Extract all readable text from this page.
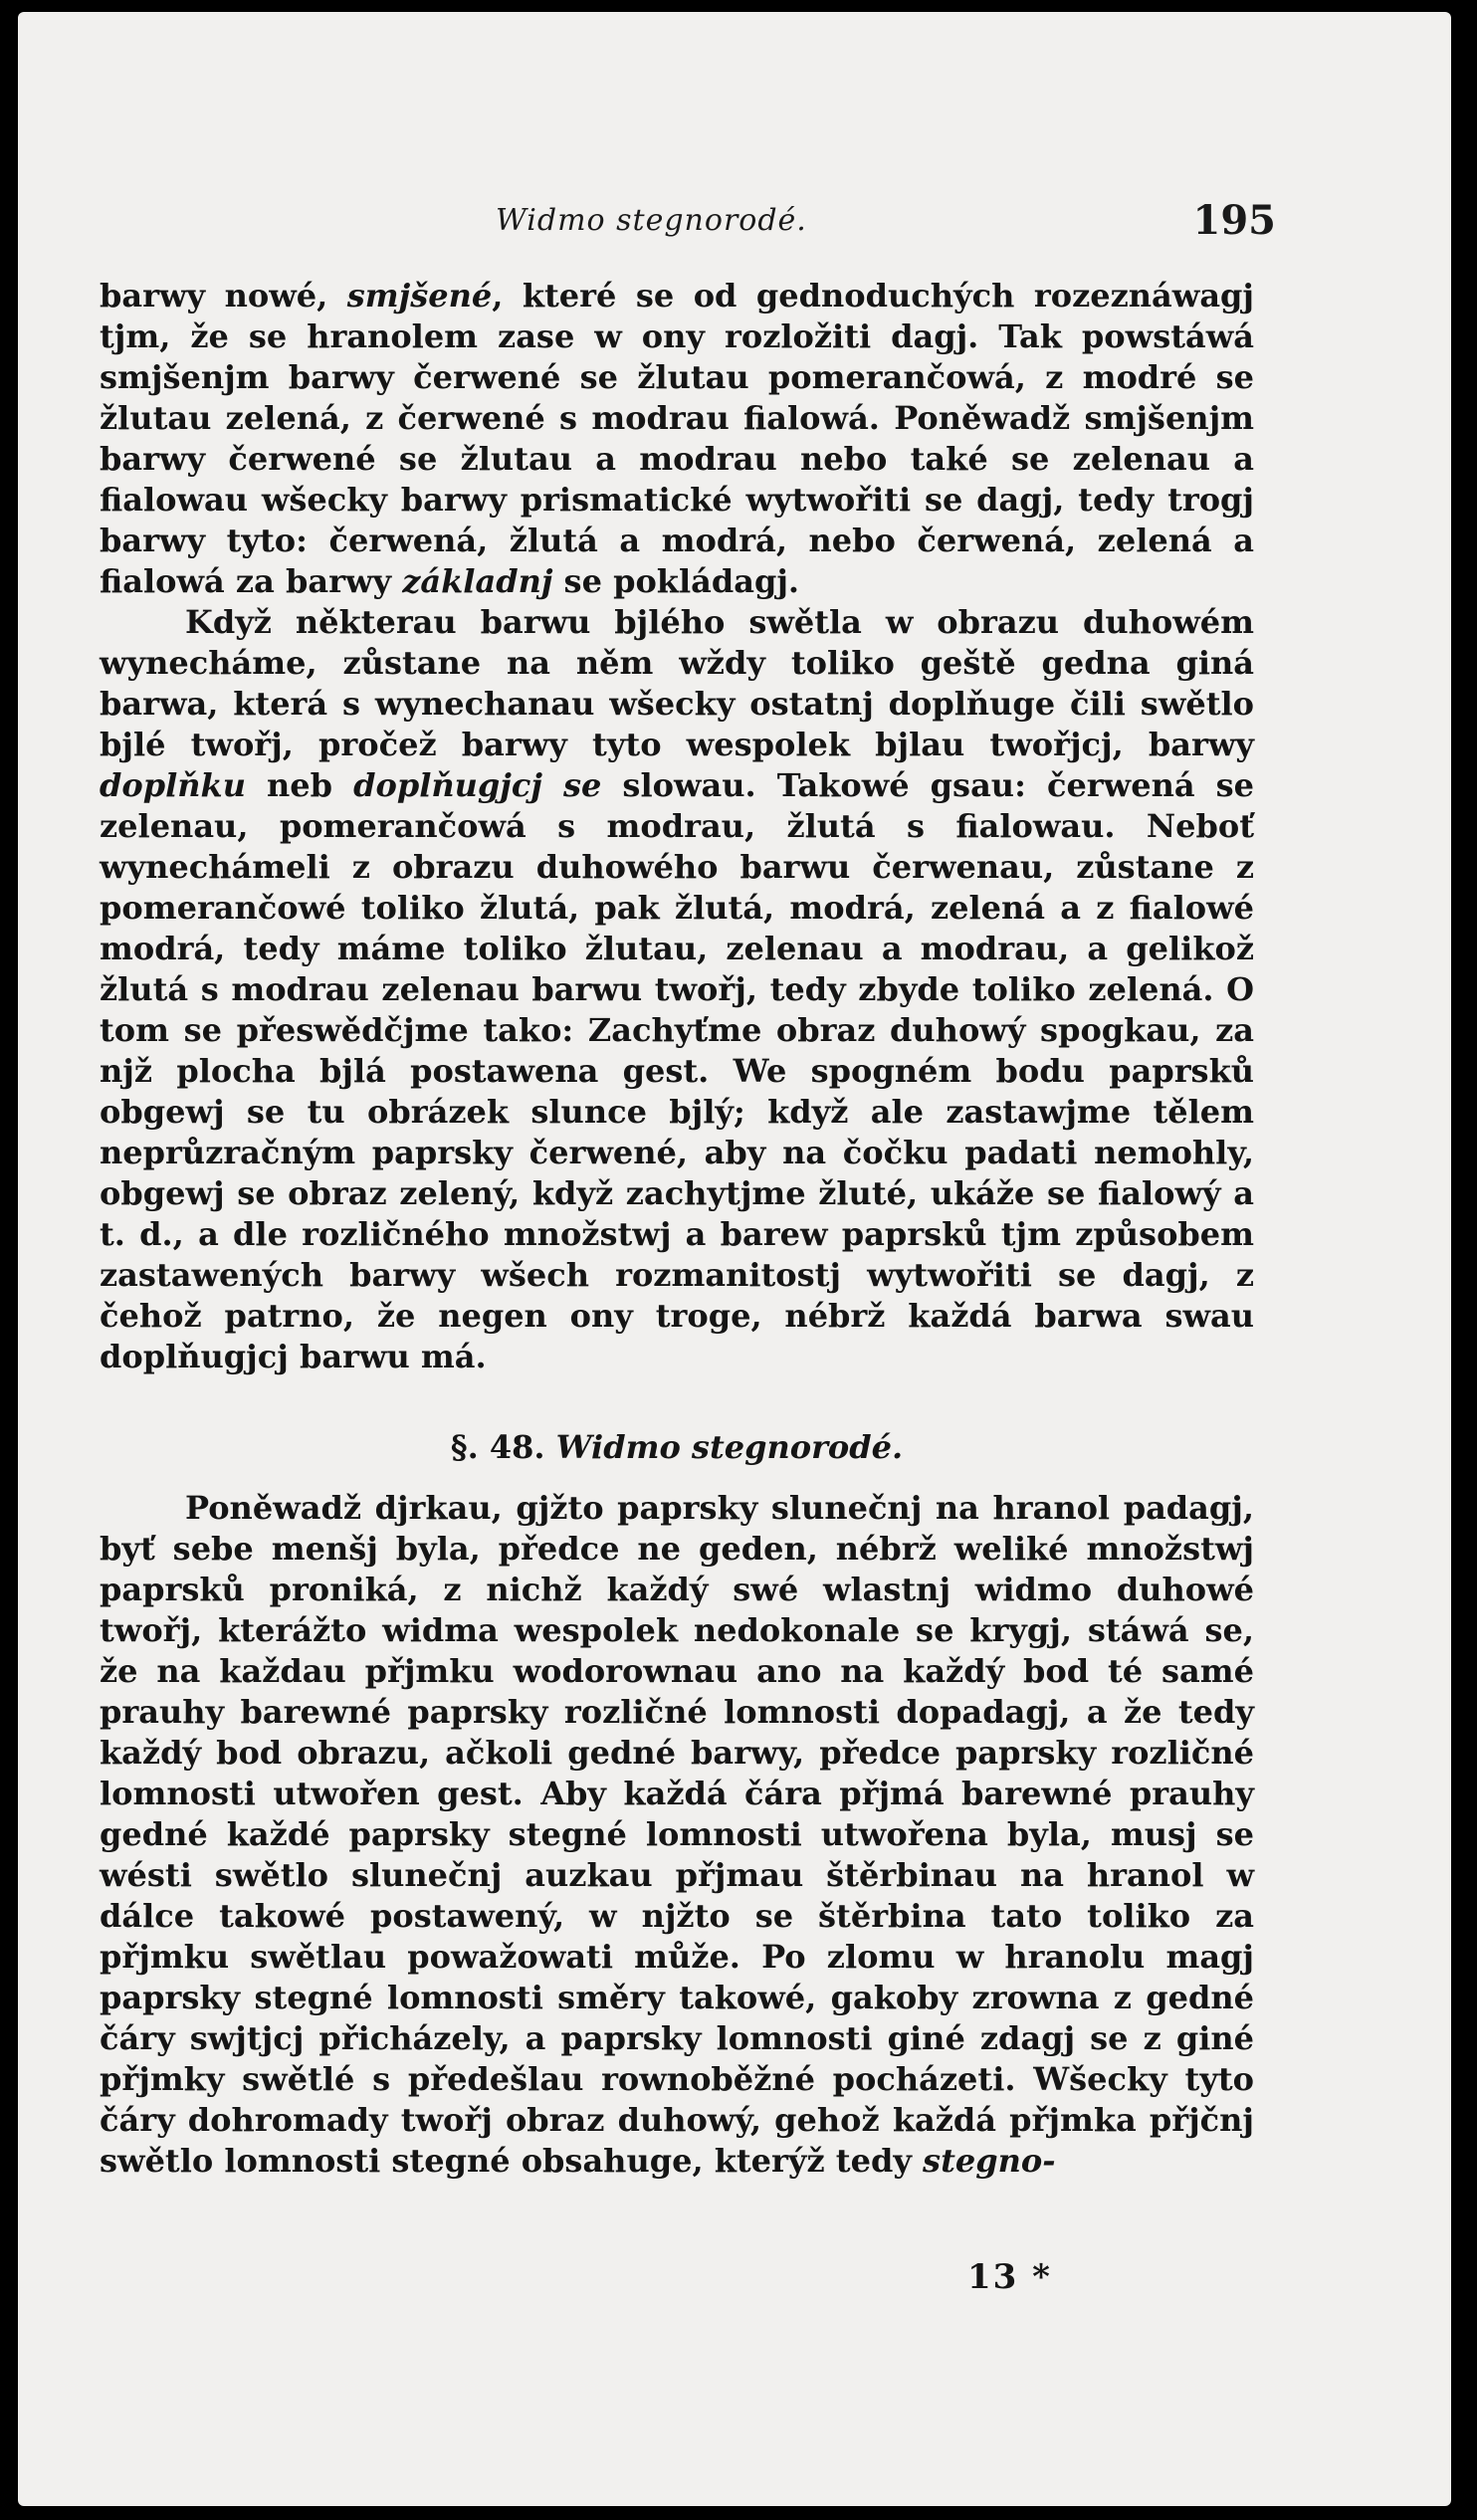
Widmo stegnorodé.	195

barwy nowé, smjšené, které se od gednoduchých rozeznáwagj tjm, že se hranolem zase w ony rozložiti dagj. Tak powstáwá smjšenjm barwy čerwené se žlutau pomerančowá, z modré se žlutau zelená, z čerwené s modrau fialowá. Poněwadž smjšenjm barwy čerwené se žlutau a modrau nebo také se zelenau a fialowau wšecky barwy prismatické wytwořiti se dagj, tedy trogj barwy tyto: čerwená, žlutá a modrá, nebo čerwená, zelená a fialowá za barwy základnj se pokládagj.

Když některau barwu bjlého swětla w obrazu duhowém wynecháme, zůstane na něm wždy toliko geště gedna giná barwa, která s wynechanau wšecky ostatnj doplňuge čili swětlo bjlé twořj, pročež barwy tyto wespolek bjlau twořjcj, barwy doplňku neb doplňugjcj se slowau. Takowé gsau: čerwená se zelenau, pomerančowá s modrau, žlutá s fialowau. Neboť wynechámeli z obrazu duhowého barwu čerwenau, zůstane z pomerančowé toliko žlutá, pak žlutá, modrá, zelená a z fialowé modrá, tedy máme toliko žlutau, zelenau a modrau, a gelikož žlutá s modrau zelenau barwu twořj, tedy zbyde toliko zelená. O tom se přeswědčjme tako: Zachyťme obraz duhowý spogkau, za njž plocha bjlá postawena gest. We spogném bodu paprsků obgewj se tu obrázek slunce bjlý; když ale zastawjme tělem neprůzračným paprsky čerwené, aby na čočku padati nemohly, obgewj se obraz zelený, když zachytjme žluté, ukáže se fialowý a t. d., a dle rozličného množstwj a barew paprsků tjm způsobem zastawených barwy wšech rozmanitostj wytwořiti se dagj, z čehož patrno, že negen ony troge, nébrž každá barwa swau doplňugjcj barwu má.

§. 48. Widmo stegnorodé.

Poněwadž djrkau, gjžto paprsky slunečnj na hranol padagj, byť sebe menšj byla, předce ne geden, nébrž weliké množstwj paprsků proniká, z nichž každý swé wlastnj widmo duhowé twořj, kterážto widma wespolek nedokonale se krygj, stáwá se, že na každau přjmku wodorownau ano na každý bod té samé prauhy barewné paprsky rozličné lomnosti dopadagj, a že tedy každý bod obrazu, ačkoli gedné barwy, předce paprsky rozličné lomnosti utwořen gest. Aby každá čára přjmá barewné prauhy gedné každé paprsky stegné lomnosti utwořena byla, musj se wésti swětlo slunečnj auzkau přjmau štěrbinau na hranol w dálce takowé postawený, w njžto se štěrbina tato toliko za přjmku swětlau powažowati může. Po zlomu w hranolu magj paprsky stegné lomnosti směry takowé, gakoby zrowna z gedné čáry swjtjcj přicházely, a paprsky lomnosti giné zdagj se z giné přjmky swětlé s předešlau rownoběžné pocházeti. Wšecky tyto čáry dohromady twořj obraz duhowý, gehož každá přjmka přjčnj swětlo lomnosti stegné obsahuge, kterýž tedy stegno-

13 *
